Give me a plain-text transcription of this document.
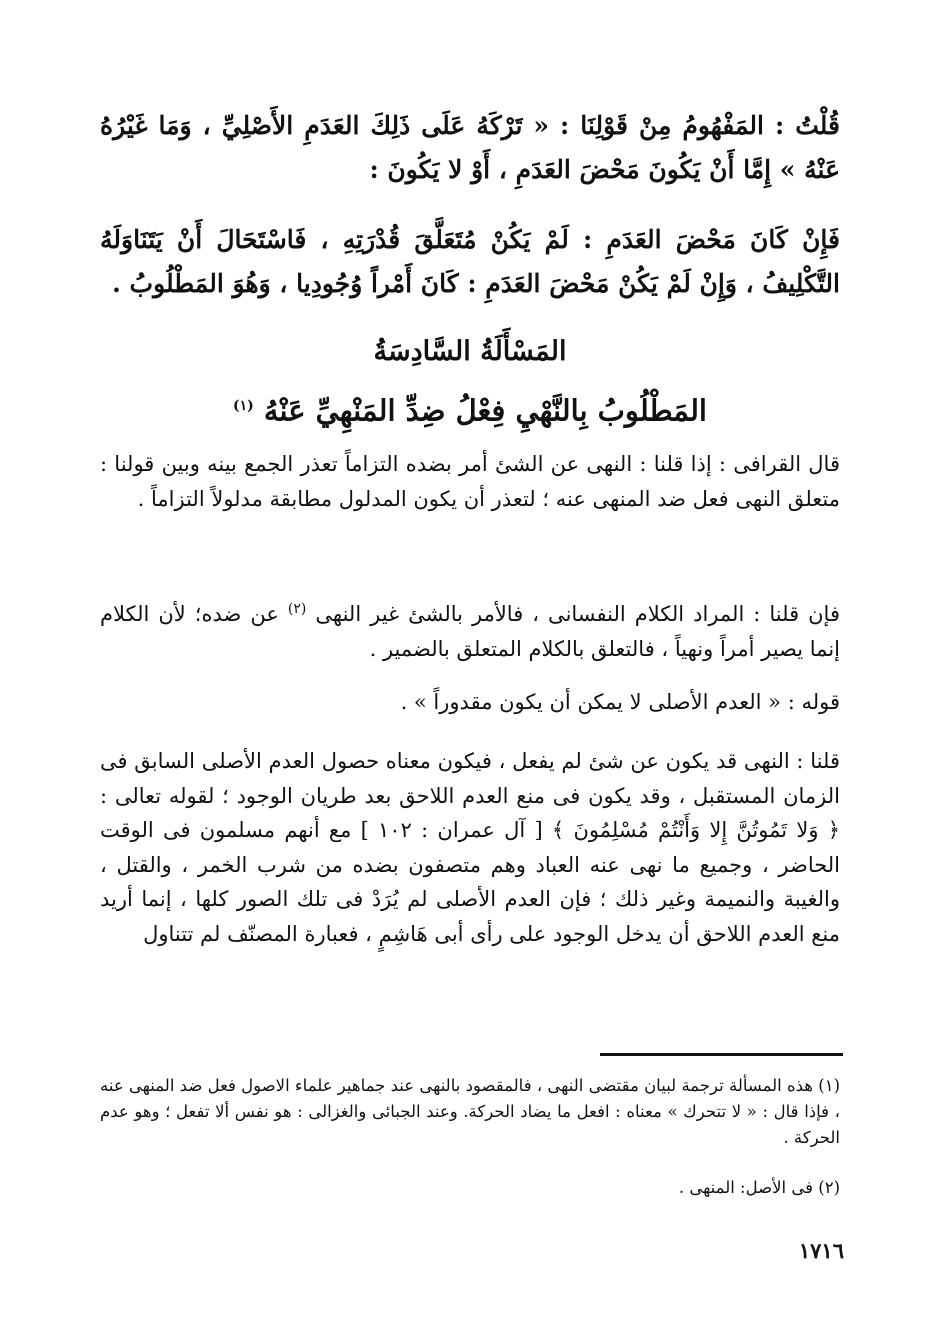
قُلْتُ : المَفْهُومُ مِنْ قَوْلِنَا : « تَرْكَهُ عَلَى ذَلِكَ العَدَمِ الأَصْلِيِّ ، وَمَا غَيْرُهُ عَنْهُ » إِمَّا أَنْ يَكُونَ مَحْضَ العَدَمِ ، أَوْ لا يَكُونَ :
فَإِنْ كَانَ مَحْضَ العَدَمِ : لَمْ يَكُنْ مُتَعَلَّقَ قُدْرَتِهِ ، فَاسْتَحَالَ أَنْ يَتَنَاوَلَهُ التَّكْلِيفُ ، وَإِنْ لَمْ يَكُنْ مَحْضَ العَدَمِ : كَانَ أَمْراً وُجُودِيا ، وَهُوَ المَطْلُوبُ .
المَسْأَلَةُ السَّادِسَةُ
المَطْلُوبُ بِالنَّهْيِ فِعْلُ ضِدِّ المَنْهِيِّ عَنْهُ $^{(١)}$
قال القرافى : إذا قلنا : النهى عن الشئ أمر بضده التزاماً تعذر الجمع بينه وبين قولنا : متعلق النهى فعل ضد المنهى عنه ؛ لتعذر أن يكون المدلول مطابقة مدلولاً التزاماً .
فإن قلنا : المراد الكلام النفسانى ، فالأمر بالشئ غير النهى $^{(٢)}$ عن ضده؛ لأن الكلام إنما يصير أمراً ونهياً ، فالتعلق بالكلام المتعلق بالضمير .
قوله : « العدم الأصلى لا يمكن أن يكون مقدوراً » .
قلنا : النهى قد يكون عن شئ لم يفعل ، فيكون معناه حصول العدم الأصلى السابق فى الزمان المستقبل ، وقد يكون فى منع العدم اللاحق بعد طريان الوجود ؛ لقوله تعالى : ﴿ وَلا تَمُوتُنَّ إِلا وَأَنْتُمْ مُسْلِمُونَ ﴾ [ آل عمران : ١٠٢ ] مع أنهم مسلمون فى الوقت الحاضر ، وجميع ما نهى عنه العباد وهم متصفون بضده من شرب الخمر ، والقتل ، والغيبة والنميمة وغير ذلك ؛ فإن العدم الأصلى لم يُرَدْ فى تلك الصور كلها ، إنما أريد منع العدم اللاحق أن يدخل الوجود على رأى أبى هَاشِمٍ ، فعبارة المصنّف لم تتناول
(١) هذه المسألة ترجمة لبيان مقتضى النهى ، فالمقصود بالنهى عند جماهير علماء الاصول فعل ضد المنهى عنه ، فإذا قال : « لا تتحرك » معناه : افعل ما يضاد الحركة. وعند الجبائى والغزالى : هو نفس ألا تفعل ؛ وهو عدم الحركة .
(٢) فى الأصل: المنهى .
١٧١٦
